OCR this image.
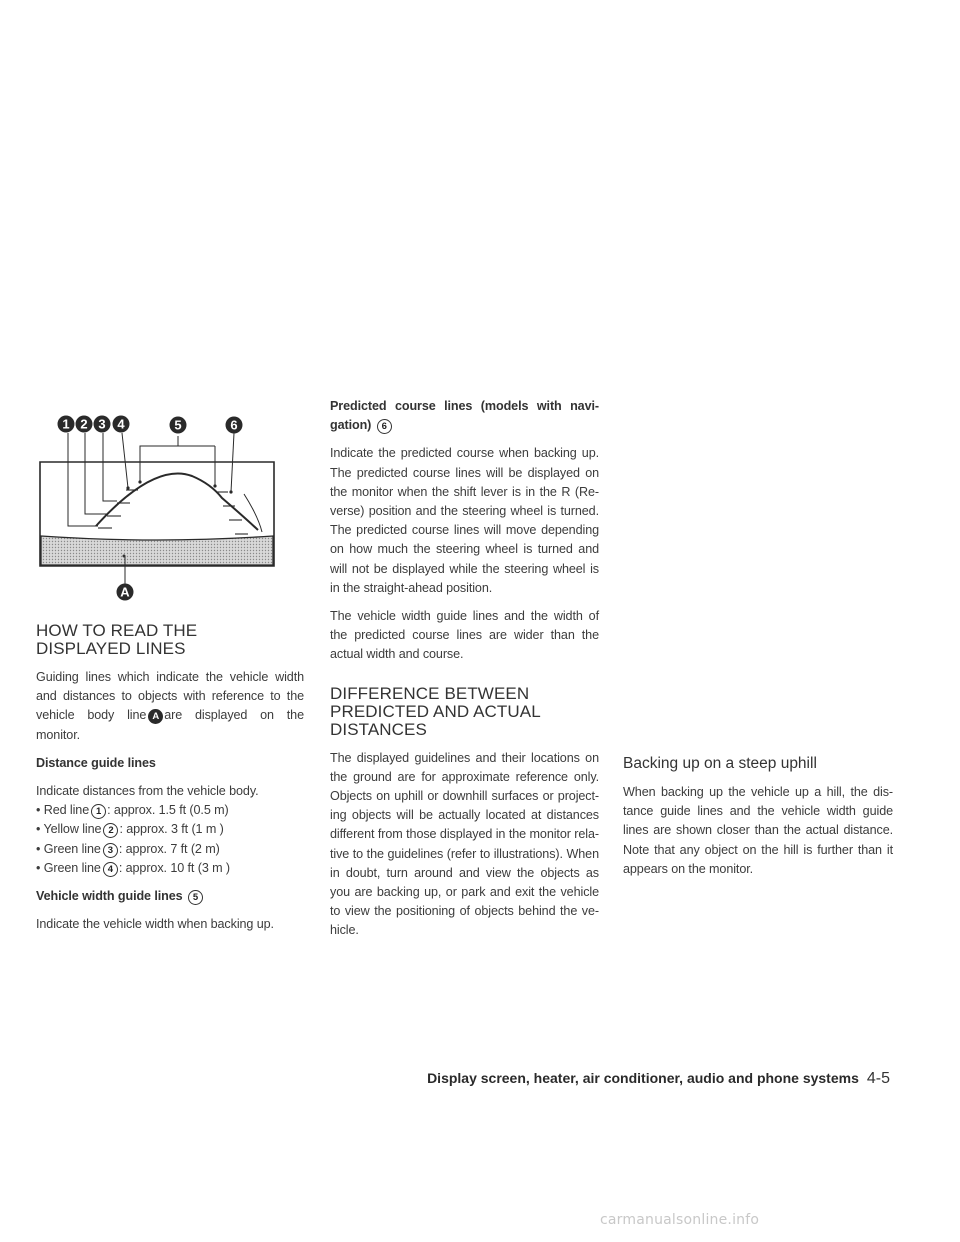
1 2 3 4	5	6
A
HOW TO READ THE DISPLAYED LINES

Guiding lines which indicate the vehicle width and distances to objects with reference to the vehicle body line A are displayed on the monitor.

Distance guide lines

Indicate distances from the vehicle body.

• Red line 1 : approx. 1.5 ft (0.5 m)

• Yellow line 2 : approx. 3 ft (1 m )

• Green line 3 : approx. 7 ft (2 m)

• Green line 4 : approx. 10 ft (3 m )

Vehicle width guide lines 5

Indicate the vehicle width when backing up.

Predicted course lines (models with navi-gation) 6

Indicate the predicted course when backing up. The predicted course lines will be displayed on the monitor when the shift lever is in the R (Re-verse) position and the steering wheel is turned. The predicted course lines will move depending on how much the steering wheel is turned and will not be displayed while the steering wheel is in the straight-ahead position.

The vehicle width guide lines and the width of the predicted course lines are wider than the actual width and course.

DIFFERENCE BETWEEN PREDICTED AND ACTUAL DISTANCES

The displayed guidelines and their locations on the ground are for approximate reference only. Objects on uphill or downhill surfaces or project-ing objects will be actually located at distances different from those displayed in the monitor rela-tive to the guidelines (refer to illustrations). When in doubt, turn around and view the objects as you are backing up, or park and exit the vehicle to view the positioning of objects behind the ve-hicle.

Backing up on a steep uphill

When backing up the vehicle up a hill, the dis-tance guide lines and the vehicle width guide lines are shown closer than the actual distance. Note that any object on the hill is further than it appears on the monitor.

Display screen, heater, air conditioner, audio and phone systems 4-5
carmanualsonline.info
